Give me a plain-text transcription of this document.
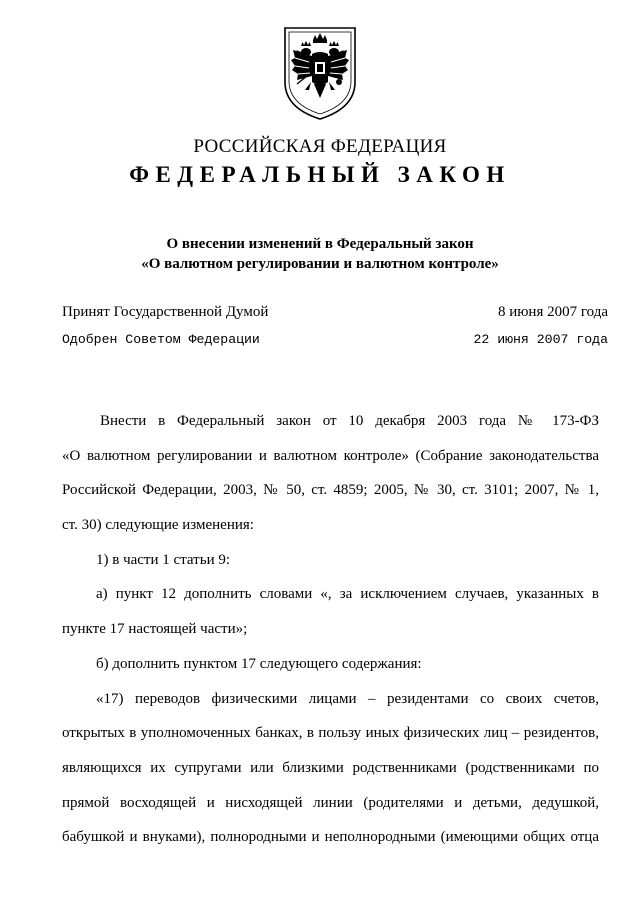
РОССИЙСКАЯ ФЕДЕРАЦИЯ
ФЕДЕРАЛЬНЫЙ ЗАКОН
О внесении изменений в Федеральный закон
«О валютном регулировании и валютном контроле»
Принят Государственной Думой	8 июня 2007 года
Одобрен Советом Федерации	22 июня 2007 года
Внести в Федеральный закон от 10 декабря 2003 года № 173-ФЗ
«О валютном регулировании и валютном контроле» (Собрание законодательства
Российской Федерации, 2003, № 50, ст. 4859; 2005, № 30, ст. 3101; 2007, № 1,
ст. 30) следующие изменения:
1) в части 1 статьи 9:
а) пункт 12 дополнить словами «, за исключением случаев, указанных в
пункте 17 настоящей части»;
б) дополнить пунктом 17 следующего содержания:
«17) переводов физическими лицами – резидентами со своих счетов,
открытых в уполномоченных банках, в пользу иных физических лиц – резидентов,
являющихся их супругами или близкими родственниками (родственниками по
прямой восходящей и нисходящей линии (родителями и детьми, дедушкой,
бабушкой и внуками), полнородными и неполнородными (имеющими общих отца
